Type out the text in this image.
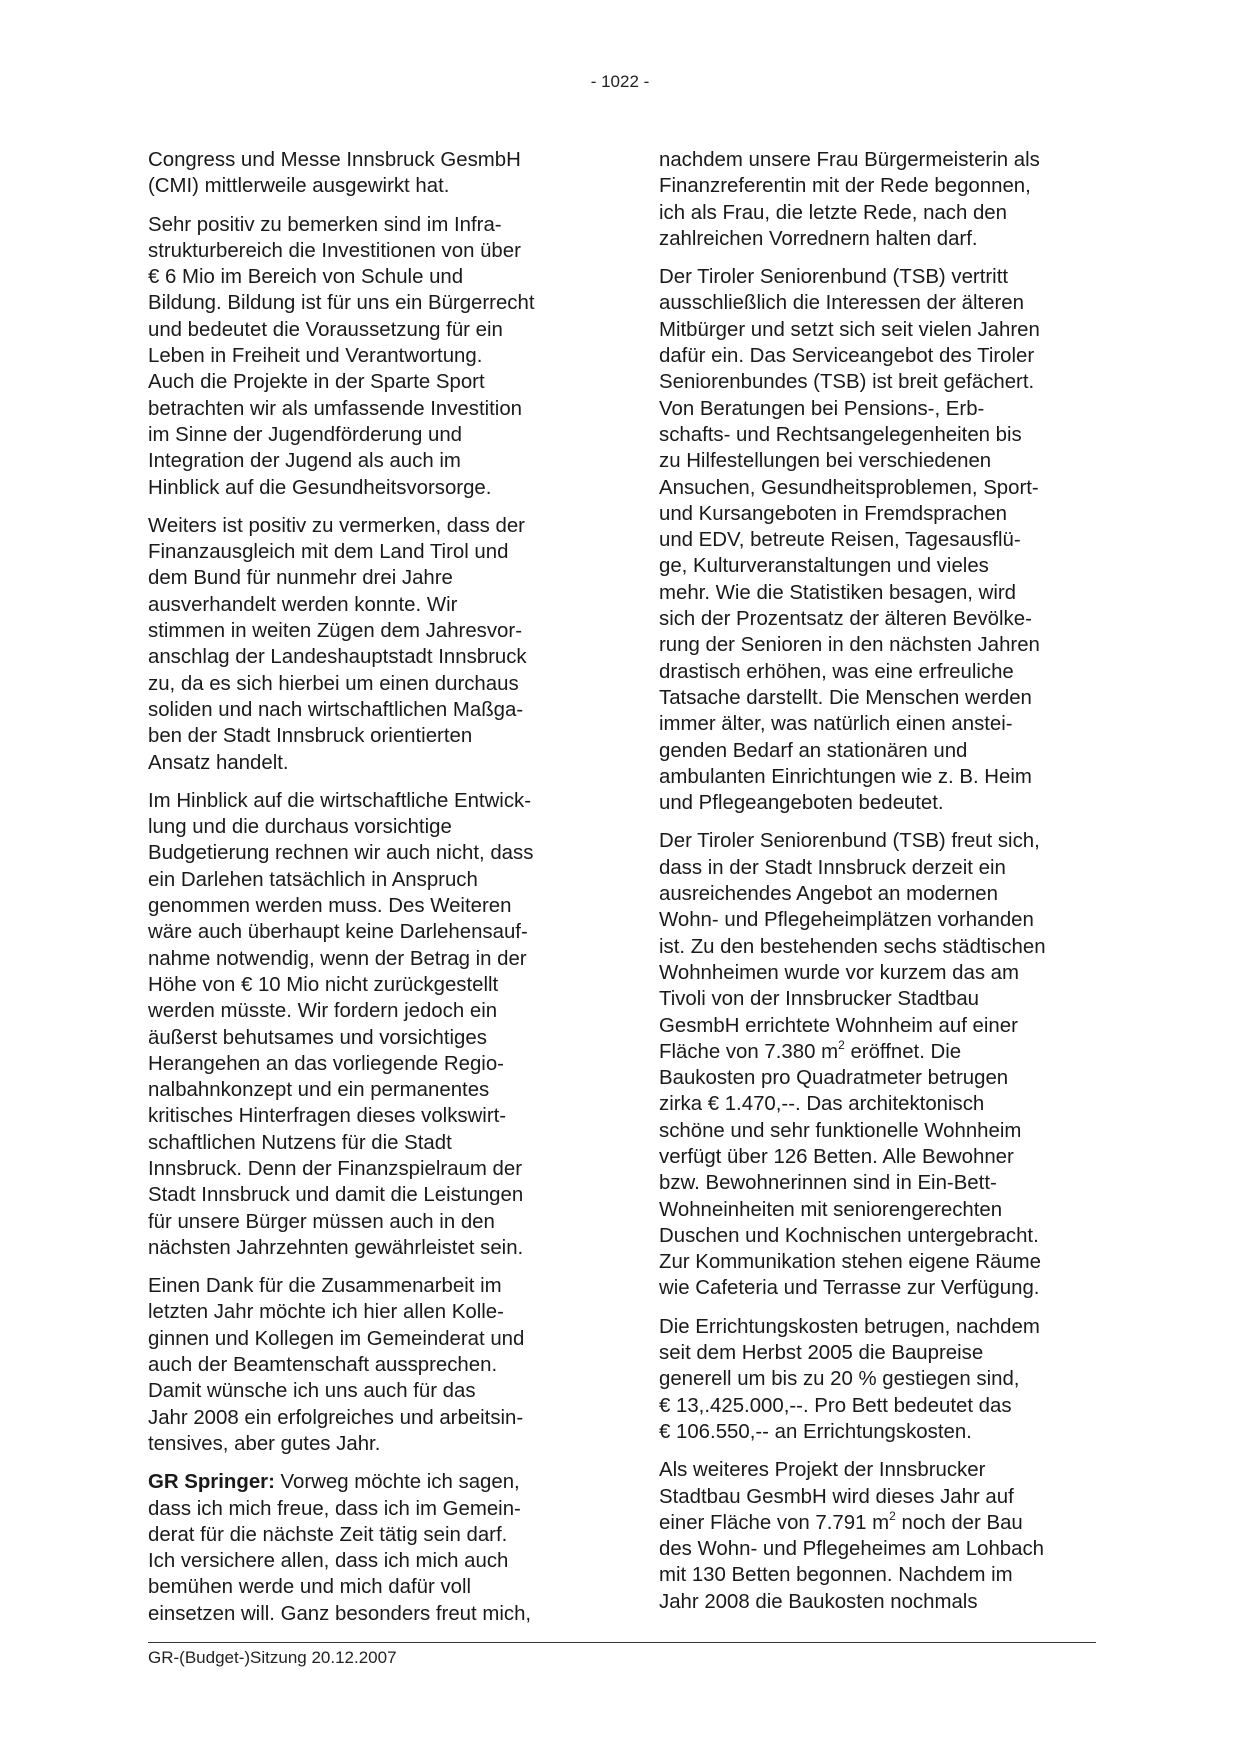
- 1022 -

Congress und Messe Innsbruck GesmbH
(CMI) mittlerweile ausgewirkt hat.

Sehr positiv zu bemerken sind im Infra-
strukturbereich die Investitionen von über
€ 6 Mio im Bereich von Schule und
Bildung. Bildung ist für uns ein Bürgerrecht
und bedeutet die Voraussetzung für ein
Leben in Freiheit und Verantwortung.
Auch die Projekte in der Sparte Sport
betrachten wir als umfassende Investition
im Sinne der Jugendförderung und
Integration der Jugend als auch im
Hinblick auf die Gesundheitsvorsorge.

Weiters ist positiv zu vermerken, dass der
Finanzausgleich mit dem Land Tirol und
dem Bund für nunmehr drei Jahre
ausverhandelt werden konnte. Wir
stimmen in weiten Zügen dem Jahresvor-
anschlag der Landeshauptstadt Innsbruck
zu, da es sich hierbei um einen durchaus
soliden und nach wirtschaftlichen Maßga-
ben der Stadt Innsbruck orientierten
Ansatz handelt.

Im Hinblick auf die wirtschaftliche Entwick-
lung und die durchaus vorsichtige
Budgetierung rechnen wir auch nicht, dass
ein Darlehen tatsächlich in Anspruch
genommen werden muss. Des Weiteren
wäre auch überhaupt keine Darlehensauf-
nahme notwendig, wenn der Betrag in der
Höhe von € 10 Mio nicht zurückgestellt
werden müsste. Wir fordern jedoch ein
äußerst behutsames und vorsichtiges
Herangehen an das vorliegende Regio-
nalbahnkonzept und ein permanentes
kritisches Hinterfragen dieses volkswirt-
schaftlichen Nutzens für die Stadt
Innsbruck. Denn der Finanzspielraum der
Stadt Innsbruck und damit die Leistungen
für unsere Bürger müssen auch in den
nächsten Jahrzehnten gewährleistet sein.

Einen Dank für die Zusammenarbeit im
letzten Jahr möchte ich hier allen Kolle-
ginnen und Kollegen im Gemeinderat und
auch der Beamtenschaft aussprechen.
Damit wünsche ich uns auch für das
Jahr 2008 ein erfolgreiches und arbeitsin-
tensives, aber gutes Jahr.

GR Springer: Vorweg möchte ich sagen,
dass ich mich freue, dass ich im Gemein-
derat für die nächste Zeit tätig sein darf.
Ich versichere allen, dass ich mich auch
bemühen werde und mich dafür voll
einsetzen will. Ganz besonders freut mich,

nachdem unsere Frau Bürgermeisterin als
Finanzreferentin mit der Rede begonnen,
ich als Frau, die letzte Rede, nach den
zahlreichen Vorrednern halten darf.

Der Tiroler Seniorenbund (TSB) vertritt
ausschließlich die Interessen der älteren
Mitbürger und setzt sich seit vielen Jahren
dafür ein. Das Serviceangebot des Tiroler
Seniorenbundes (TSB) ist breit gefächert.
Von Beratungen bei Pensions-, Erb-
schafts- und Rechtsangelegenheiten bis
zu Hilfestellungen bei verschiedenen
Ansuchen, Gesundheitsproblemen, Sport-
und Kursangeboten in Fremdsprachen
und EDV, betreute Reisen, Tagesausflü-
ge, Kulturveranstaltungen und vieles
mehr. Wie die Statistiken besagen, wird
sich der Prozentsatz der älteren Bevölke-
rung der Senioren in den nächsten Jahren
drastisch erhöhen, was eine erfreuliche
Tatsache darstellt. Die Menschen werden
immer älter, was natürlich einen anstei-
genden Bedarf an stationären und
ambulanten Einrichtungen wie z. B. Heim
und Pflegeangeboten bedeutet.

Der Tiroler Seniorenbund (TSB) freut sich,
dass in der Stadt Innsbruck derzeit ein
ausreichendes Angebot an modernen
Wohn- und Pflegeheimplätzen vorhanden
ist. Zu den bestehenden sechs städtischen
Wohnheimen wurde vor kurzem das am
Tivoli von der Innsbrucker Stadtbau
GesmbH errichtete Wohnheim auf einer
Fläche von 7.380 $m^2$ eröffnet. Die
Baukosten pro Quadratmeter betrugen
zirka € 1.470,--. Das architektonisch
schöne und sehr funktionelle Wohnheim
verfügt über 126 Betten. Alle Bewohner
bzw. Bewohnerinnen sind in Ein-Bett-
Wohneinheiten mit seniorengerechten
Duschen und Kochnischen untergebracht.
Zur Kommunikation stehen eigene Räume
wie Cafeteria und Terrasse zur Verfügung.

Die Errichtungskosten betrugen, nachdem
seit dem Herbst 2005 die Baupreise
generell um bis zu 20 % gestiegen sind,
€ 13,.425.000,--. Pro Bett bedeutet das
€ 106.550,-- an Errichtungskosten.

Als weiteres Projekt der Innsbrucker
Stadtbau GesmbH wird dieses Jahr auf
einer Fläche von 7.791 $m^2$ noch der Bau
des Wohn- und Pflegeheimes am Lohbach
mit 130 Betten begonnen. Nachdem im
Jahr 2008 die Baukosten nochmals

GR-(Budget-)Sitzung 20.12.2007
